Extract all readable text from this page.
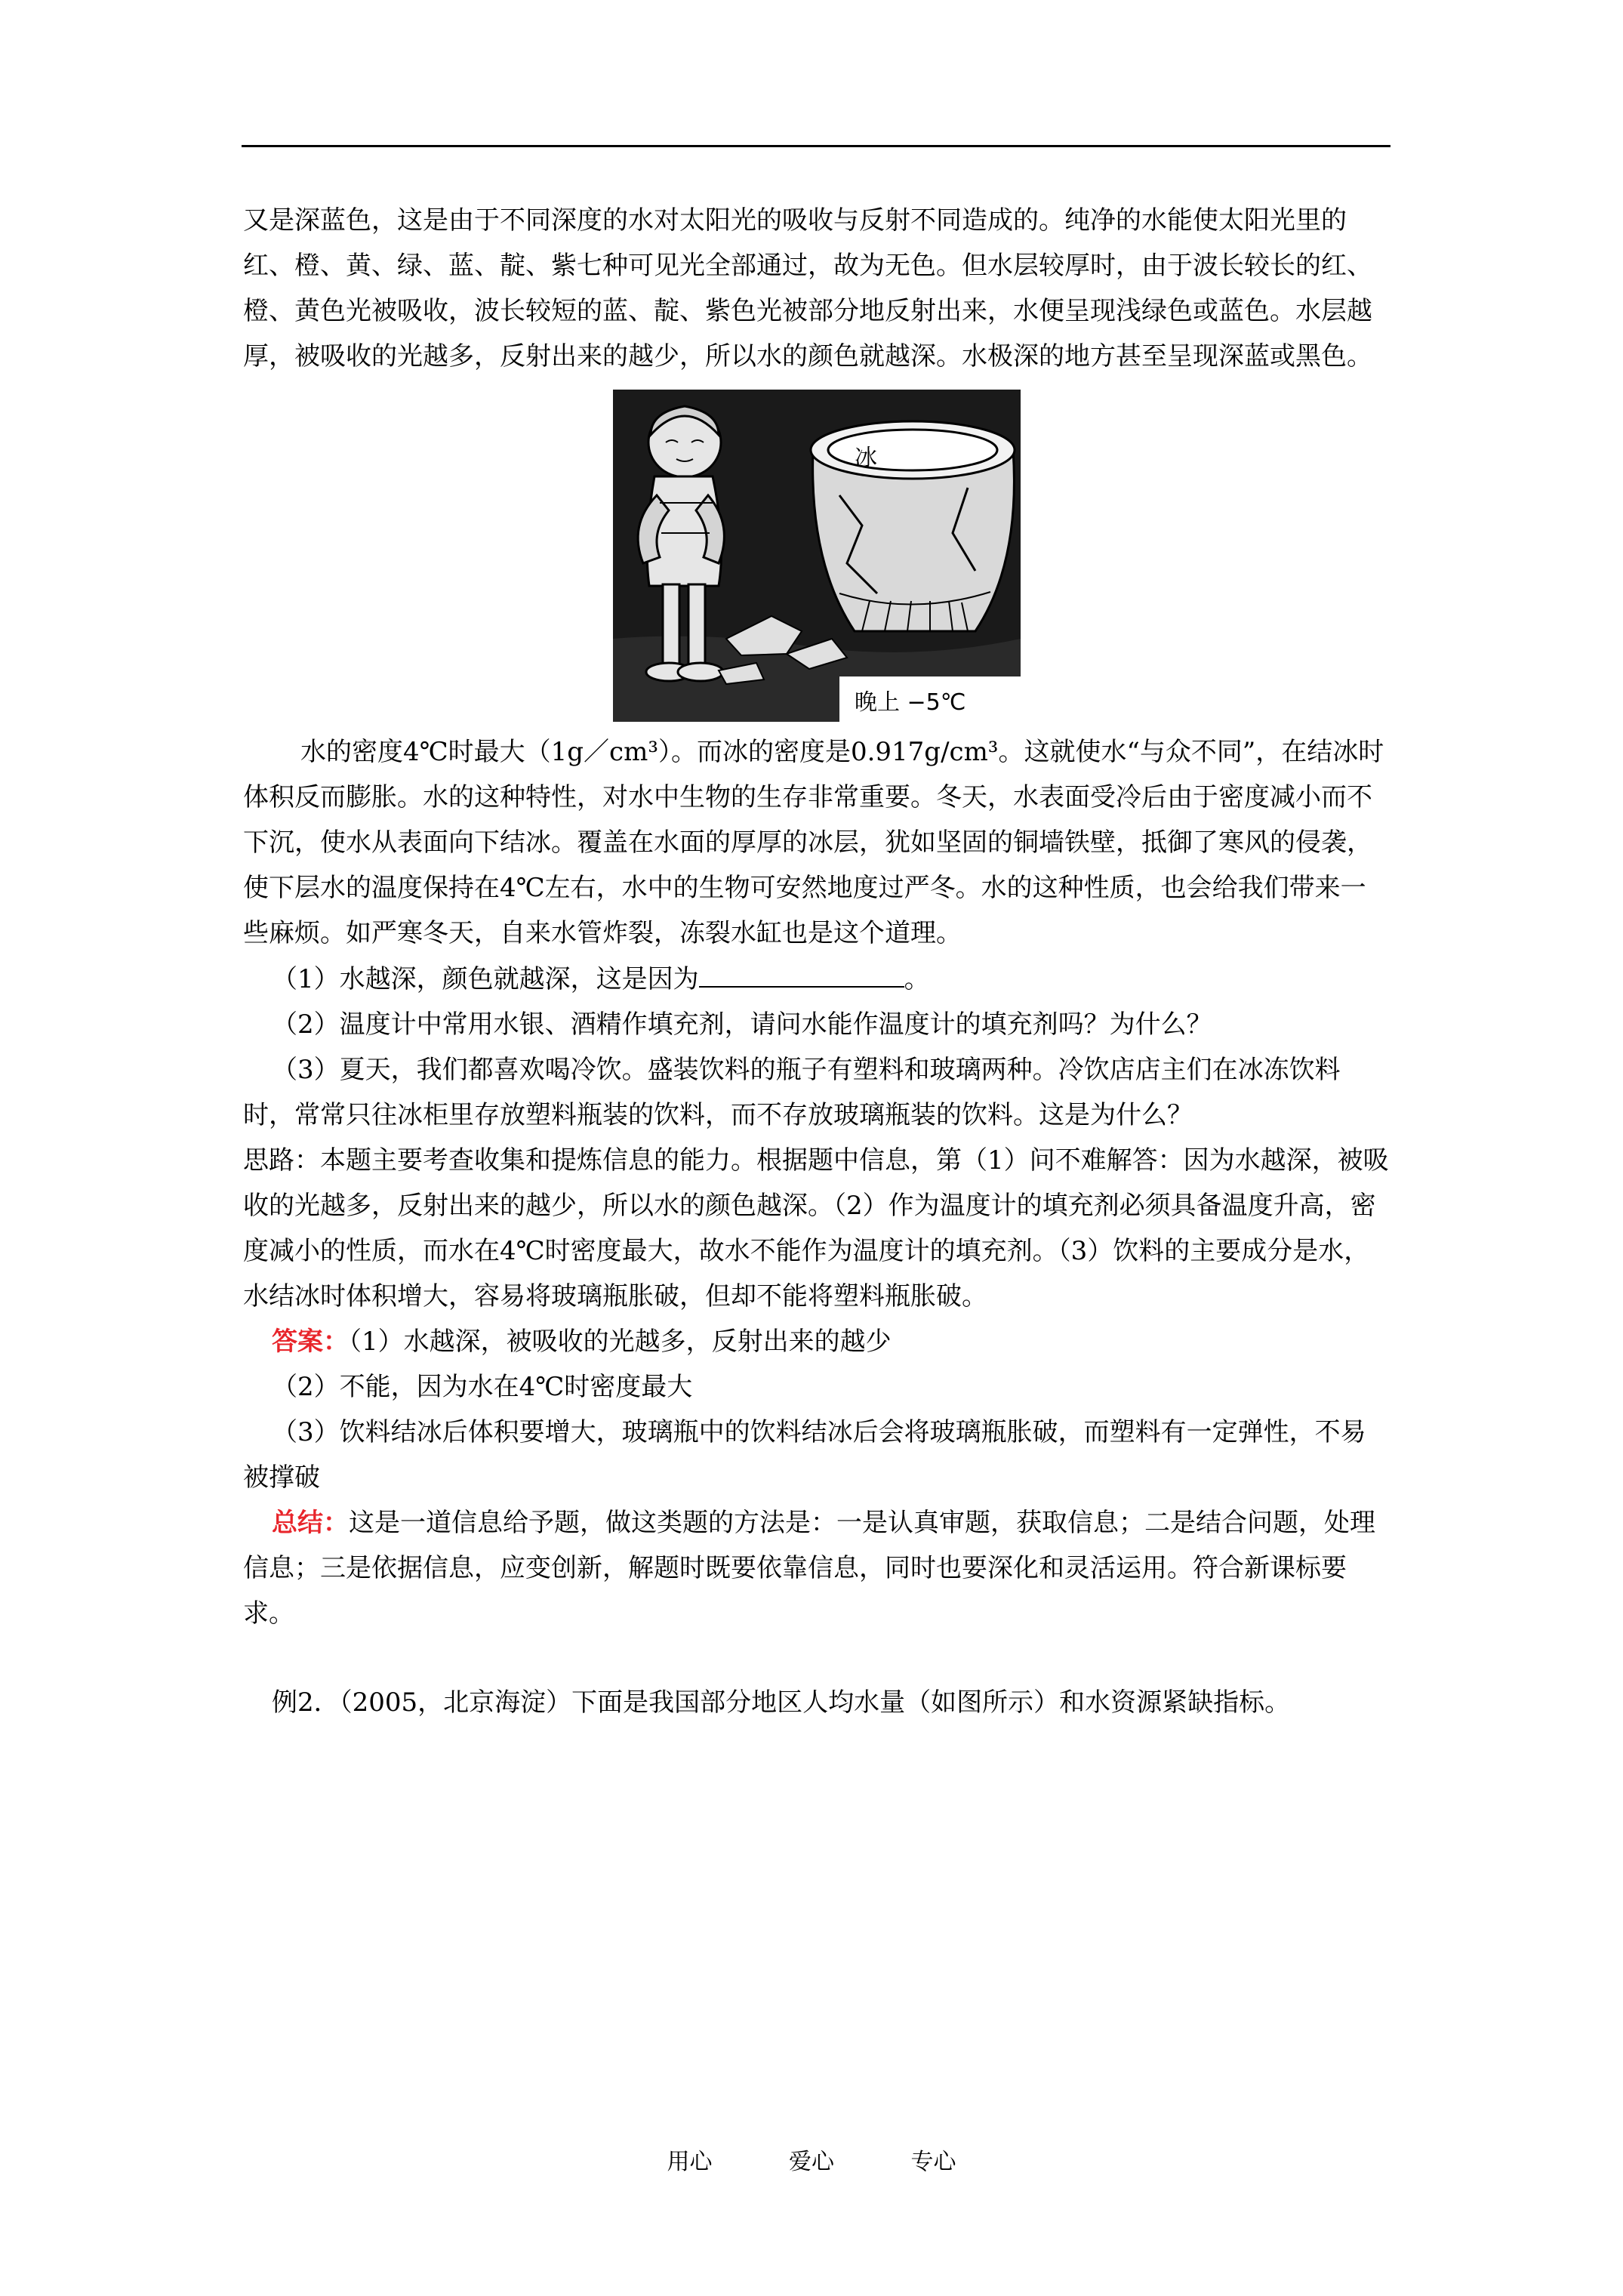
又是深蓝色，这是由于不同深度的水对太阳光的吸收与反射不同造成的。纯净的水能使太阳光里的红、橙、黄、绿、蓝、靛、紫七种可见光全部通过，故为无色。但水层较厚时，由于波长较长的红、橙、黄色光被吸收，波长较短的蓝、靛、紫色光被部分地反射出来，水便呈现浅绿色或蓝色。水层越厚，被吸收的光越多，反射出来的越少，所以水的颜色就越深。水极深的地方甚至呈现深蓝或黑色。

冰
晚上 −5℃

水的密度4℃时最大（1g／cm³）。而冰的密度是0.917g/cm³。这就使水“与众不同”，在结冰时体积反而膨胀。水的这种特性，对水中生物的生存非常重要。冬天，水表面受冷后由于密度减小而不下沉，使水从表面向下结冰。覆盖在水面的厚厚的冰层，犹如坚固的铜墙铁壁，抵御了寒风的侵袭，使下层水的温度保持在4℃左右，水中的生物可安然地度过严冬。水的这种性质，也会给我们带来一些麻烦。如严寒冬天，自来水管炸裂，冻裂水缸也是这个道理。

（1）水越深，颜色就越深，这是因为	。

（2）温度计中常用水银、酒精作填充剂，请问水能作温度计的填充剂吗？为什么？

（3）夏天，我们都喜欢喝冷饮。盛装饮料的瓶子有塑料和玻璃两种。冷饮店店主们在冰冻饮料时，常常只往冰柜里存放塑料瓶装的饮料，而不存放玻璃瓶装的饮料。这是为什么？

思路：本题主要考查收集和提炼信息的能力。根据题中信息，第（1）问不难解答：因为水越深，被吸收的光越多，反射出来的越少，所以水的颜色越深。（2）作为温度计的填充剂必须具备温度升高，密度减小的性质，而水在4℃时密度最大，故水不能作为温度计的填充剂。（3）饮料的主要成分是水，水结冰时体积增大，容易将玻璃瓶胀破，但却不能将塑料瓶胀破。

答案：（1）水越深，被吸收的光越多，反射出来的越少

（2）不能，因为水在4℃时密度最大

（3）饮料结冰后体积要增大，玻璃瓶中的饮料结冰后会将玻璃瓶胀破，而塑料有一定弹性，不易被撑破

总结：这是一道信息给予题，做这类题的方法是：一是认真审题，获取信息；二是结合问题，处理信息；三是依据信息，应变创新，解题时既要依靠信息，同时也要深化和灵活运用。符合新课标要求。

例2．（2005，北京海淀）下面是我国部分地区人均水量（如图所示）和水资源紧缺指标。

用心	爱心	专心
